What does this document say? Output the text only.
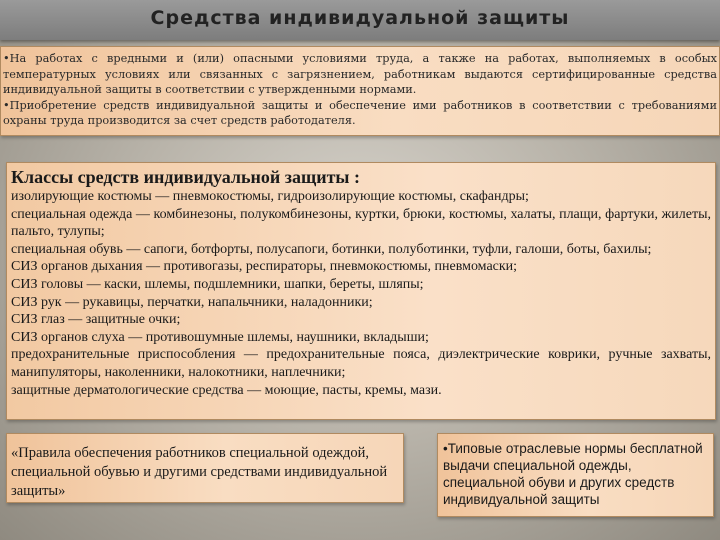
Средства индивидуальной защиты

•На работах с вредными и (или) опасными условиями труда, а также на работах, выполняемых в особых температурных условиях или связанных с загрязнением, работникам выдаются сертифицированные средства индивидуальной защиты в соответствии с утвержденными нормами.

•Приобретение средств индивидуальной защиты и обеспечение ими работников в соответствии с требованиями охраны труда производится за счет средств работодателя.

Классы средств индивидуальной защиты :
изолирующие костюмы — пневмокостюмы, гидроизолирующие костюмы, скафандры;
специальная одежда — комбинезоны, полукомбинезоны, куртки, брюки, костюмы, халаты, плащи, фартуки, жилеты, пальто, тулупы;
специальная обувь — сапоги, ботфорты, полусапоги, ботинки, полуботинки, туфли, галоши, боты, бахилы;
СИЗ органов дыхания — противогазы, респираторы, пневмокостюмы, пневмомаски;
СИЗ головы — каски, шлемы, подшлемники, шапки, береты, шляпы;
СИЗ рук — рукавицы, перчатки, напальчники, наладонники;
СИЗ глаз — защитные очки;
СИЗ органов слуха — противошумные шлемы, наушники, вкладыши;
предохранительные приспособления — предохранительные пояса, диэлектрические коврики, ручные захваты, манипуляторы, наколенники, налокотники, наплечники;
защитные дерматологические средства — моющие, пасты, кремы, мази.

«Правила обеспечения работников специальной одеждой, специальной обувью и другими средствами индивидуальной защиты»

•Типовые отраслевые нормы бесплатной выдачи специальной одежды, специальной обуви и других средств индивидуальной защиты
